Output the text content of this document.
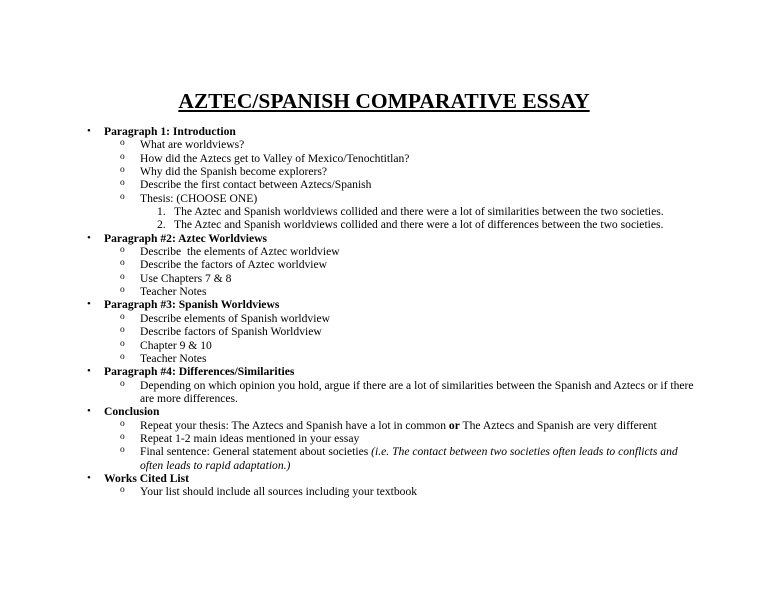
AZTEC/SPANISH COMPARATIVE ESSAY
• Paragraph 1: Introduction
o What are worldviews?
o How did the Aztecs get to Valley of Mexico/Tenochtitlan?
o Why did the Spanish become explorers?
o Describe the first contact between Aztecs/Spanish
o Thesis: (CHOOSE ONE)
1. The Aztec and Spanish worldviews collided and there were a lot of similarities between the two societies.
2. The Aztec and Spanish worldviews collided and there were a lot of differences between the two societies.
• Paragraph #2: Aztec Worldviews
o Describe  the elements of Aztec worldview
o Describe the factors of Aztec worldview
o Use Chapters 7 & 8
o Teacher Notes
• Paragraph #3: Spanish Worldviews
o Describe elements of Spanish worldview
o Describe factors of Spanish Worldview
o Chapter 9 & 10
o Teacher Notes
• Paragraph #4: Differences/Similarities
o Depending on which opinion you hold, argue if there are a lot of similarities between the Spanish and Aztecs or if there are more differences.
• Conclusion
o Repeat your thesis: The Aztecs and Spanish have a lot in common or The Aztecs and Spanish are very different
o Repeat 1-2 main ideas mentioned in your essay
o Final sentence: General statement about societies (i.e. The contact between two societies often leads to conflicts and often leads to rapid adaptation.)
• Works Cited List
o Your list should include all sources including your textbook
